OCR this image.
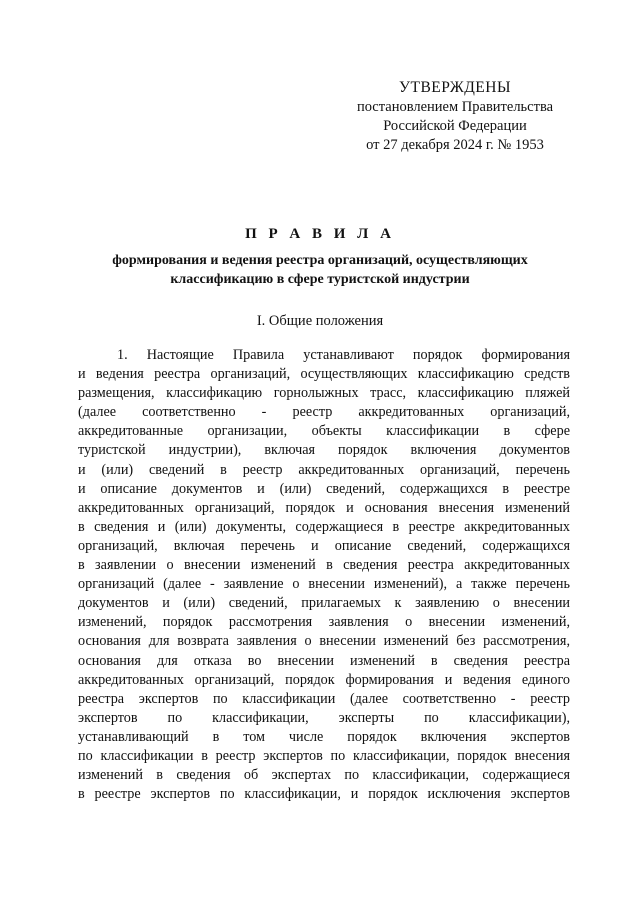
УТВЕРЖДЕНЫ
постановлением Правительства
Российской Федерации
от 27 декабря 2024 г. № 1953
П Р А В И Л А
формирования и ведения реестра организаций, осуществляющих
классификацию в сфере туристской индустрии
I. Общие положения
1. Настоящие Правила устанавливают порядок формирования
и ведения реестра организаций, осуществляющих классификацию средств
размещения, классификацию горнолыжных трасс, классификацию пляжей
(далее соответственно - реестр аккредитованных организаций,
аккредитованные организации, объекты классификации в сфере
туристской индустрии), включая порядок включения документов
и (или) сведений в реестр аккредитованных организаций, перечень
и описание документов и (или) сведений, содержащихся в реестре
аккредитованных организаций, порядок и основания внесения изменений
в сведения и (или) документы, содержащиеся в реестре аккредитованных
организаций, включая перечень и описание сведений, содержащихся
в заявлении о внесении изменений в сведения реестра аккредитованных
организаций (далее - заявление о внесении изменений), а также перечень
документов и (или) сведений, прилагаемых к заявлению о внесении
изменений, порядок рассмотрения заявления о внесении изменений,
основания для возврата заявления о внесении изменений без рассмотрения,
основания для отказа во внесении изменений в сведения реестра
аккредитованных организаций, порядок формирования и ведения единого
реестра экспертов по классификации (далее соответственно - реестр
экспертов по классификации, эксперты по классификации),
устанавливающий в том числе порядок включения экспертов
по классификации в реестр экспертов по классификации, порядок внесения
изменений в сведения об экспертах по классификации, содержащиеся
в реестре экспертов по классификации, и порядок исключения экспертов
